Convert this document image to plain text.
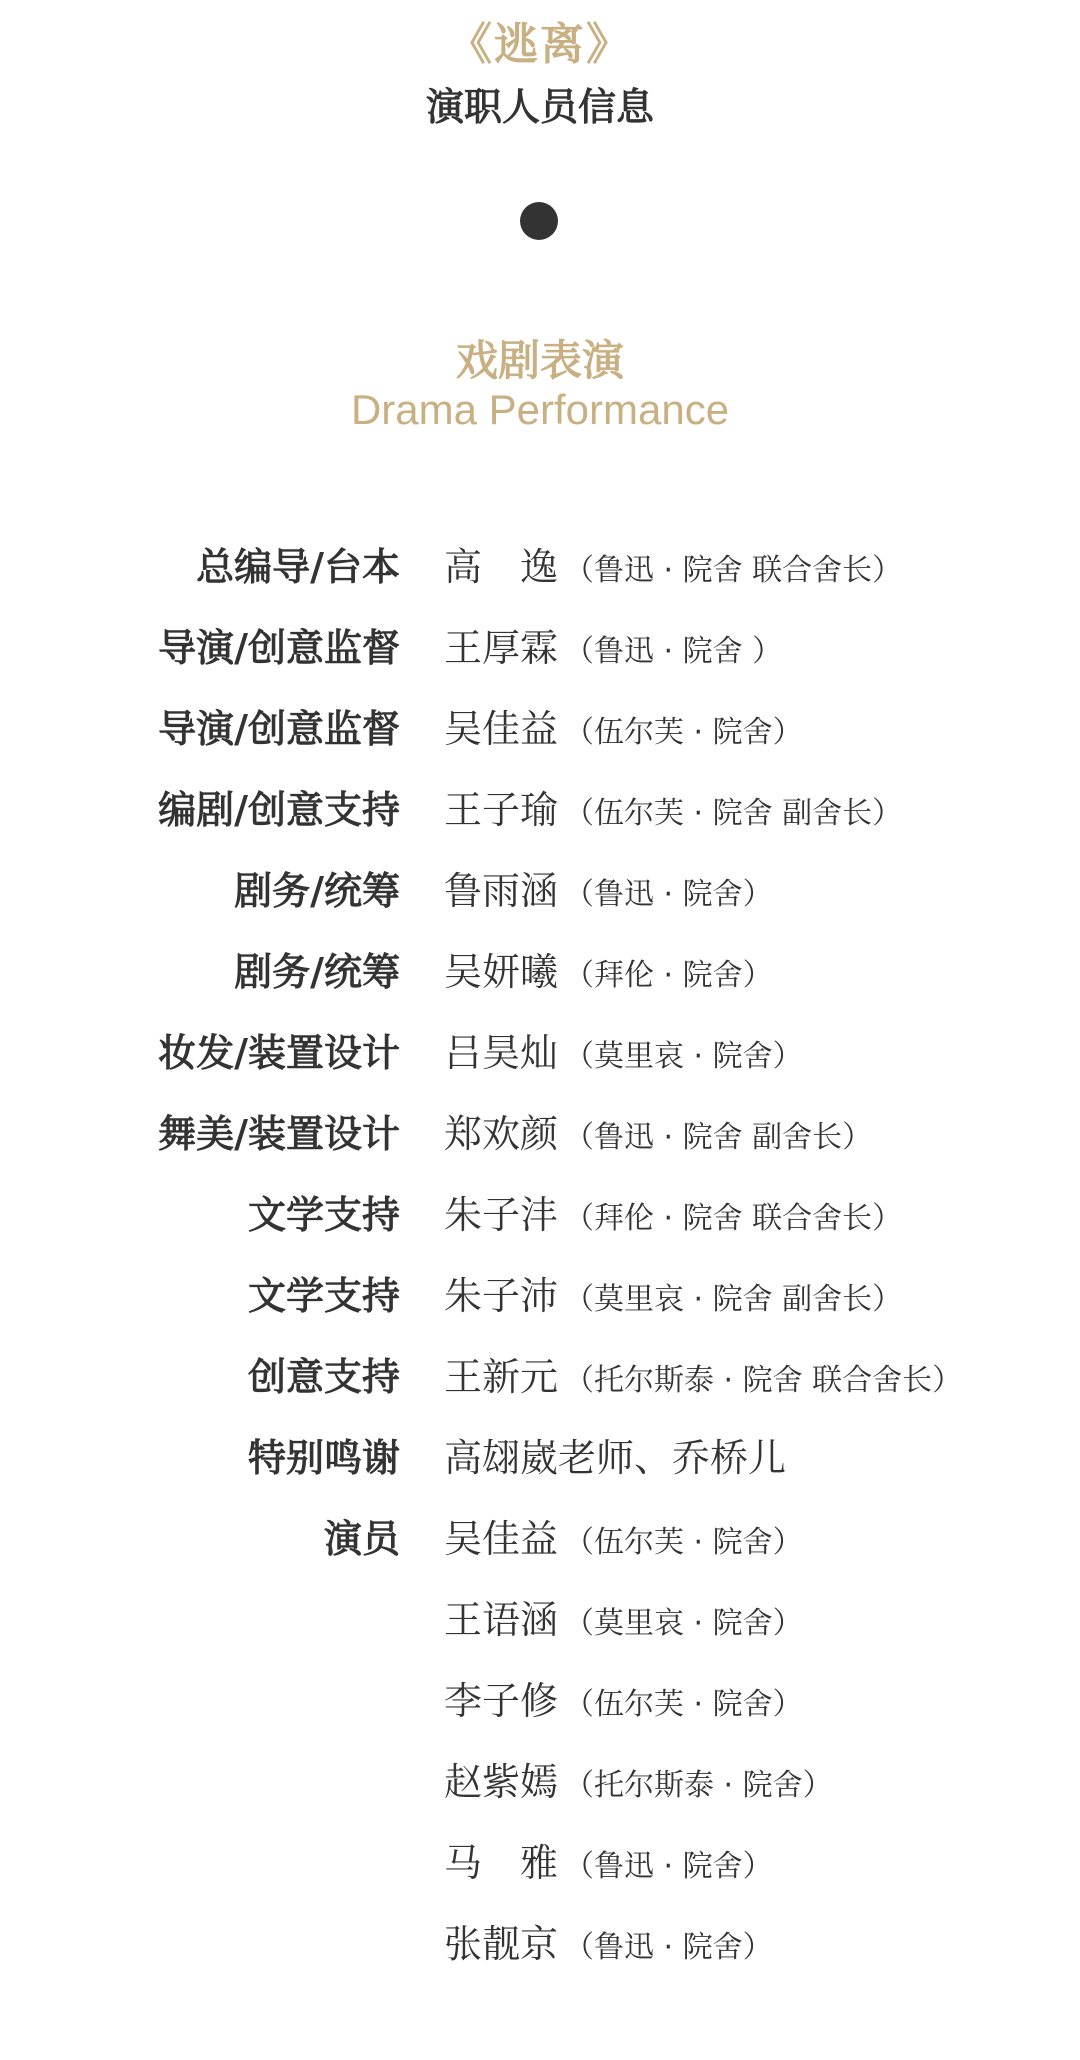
《逃离》
演职人员信息
戏剧表演
Drama Performance
总编导/台本 高　逸 （鲁迅 · 院舍 联合舍长）
导演/创意监督 王厚霖 （鲁迅 · 院舍 ）
导演/创意监督 吴佳益 （伍尔芙 · 院舍）
编剧/创意支持 王子瑜 （伍尔芙 · 院舍 副舍长）
剧务/统筹 鲁雨涵 （鲁迅 · 院舍）
剧务/统筹 吴妍曦 （拜伦 · 院舍）
妆发/装置设计 吕昊灿 （莫里哀 · 院舍）
舞美/装置设计 郑欢颜 （鲁迅 · 院舍 副舍长）
文学支持 朱子沣 （拜伦 · 院舍 联合舍长）
文学支持 朱子沛 （莫里哀 · 院舍 副舍长）
创意支持 王新元 （托尔斯泰 · 院舍 联合舍长）
特别鸣谢 高翃崴老师、乔桥儿
演员 吴佳益 （伍尔芙 · 院舍）
王语涵 （莫里哀 · 院舍）
李子修 （伍尔芙 · 院舍）
赵紫嫣 （托尔斯泰 · 院舍）
马　雅 （鲁迅 · 院舍）
张靓京 （鲁迅 · 院舍）
